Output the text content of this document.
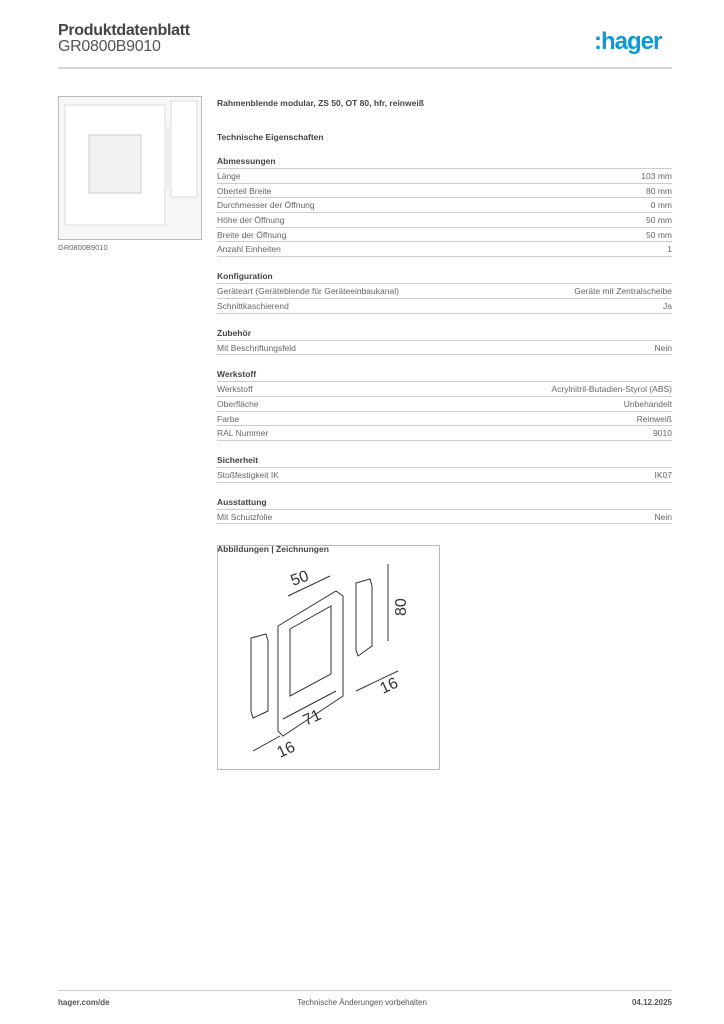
Produktdatenblatt
GR0800B9010	:hager
GR0800B9010
Rahmenblende modular, ZS 50, OT 80, hfr, reinweiß
Technische Eigenschaften
Abmessungen
Länge	103 mm
Oberteil Breite	80 mm
Durchmesser der Öffnung	0 mm
Höhe der Öffnung	50 mm
Breite der Öffnung	50 mm
Anzahl Einheiten	1
Konfiguration
Geräteart (Geräteblende für Geräteeinbaukanal)	Geräte mit Zentralscheibe
Schnittkaschierend	Ja
Zubehör
Mit Beschriftungsfeld	Nein
Werkstoff
Werkstoff	Acrylnitril-Butadien-Styrol (ABS)
Oberfläche	Unbehandelt
Farbe	Reinweiß
RAL Nummer	9010
Sicherheit
Stoßfestigkeit IK	IK07
Ausstattung
Mit Schutzfolie	Nein
Abbildungen | Zeichnungen
50
80
16
71
16
hager.com/de	Technische Änderungen vorbehalten	04.12.2025
